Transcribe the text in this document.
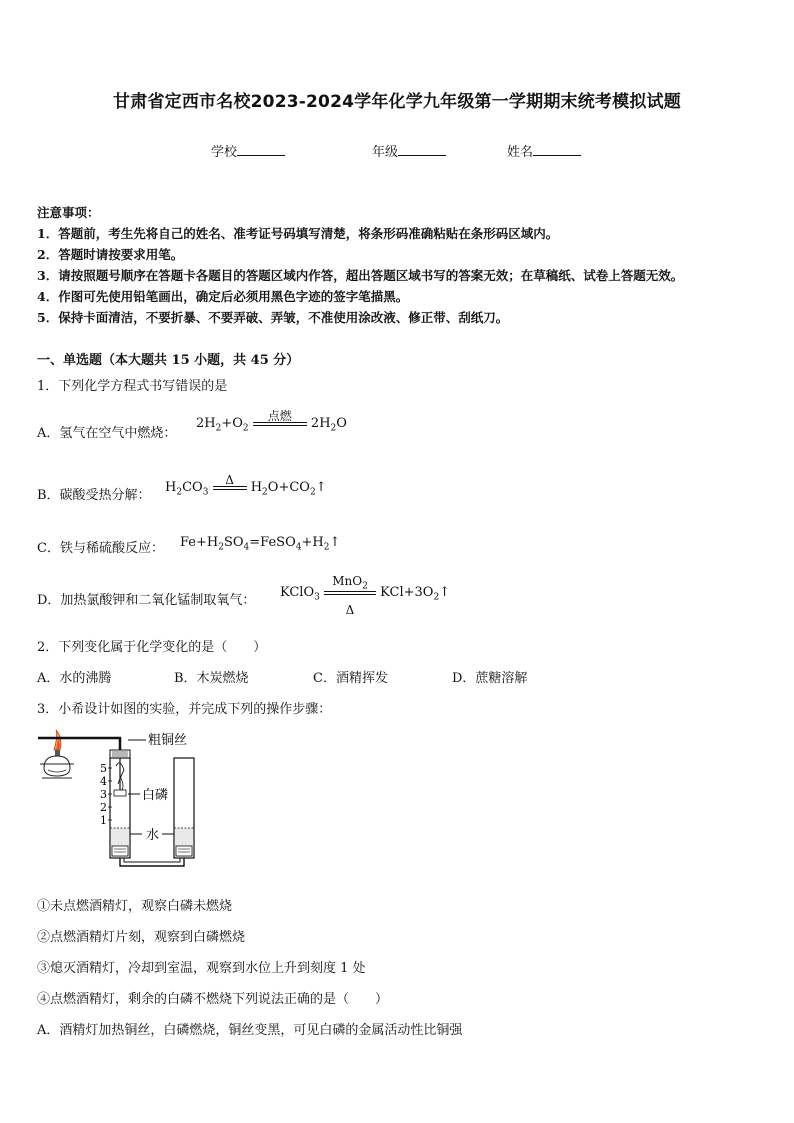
甘肃省定西市名校2023-2024学年化学九年级第一学期期末统考模拟试题
学校	年级	姓名
注意事项：
1．答题前，考生先将自己的姓名、准考证号码填写清楚，将条形码准确粘贴在条形码区域内。
2．答题时请按要求用笔。
3．请按照题号顺序在答题卡各题目的答题区域内作答，超出答题区域书写的答案无效；在草稿纸、试卷上答题无效。
4．作图可先使用铅笔画出，确定后必须用黑色字迹的签字笔描黑。
5．保持卡面清洁，不要折暴、不要弄破、弄皱，不准使用涂改液、修正带、刮纸刀。
一、单选题（本大题共 15 小题，共 45 分）
1．下列化学方程式书写错误的是
A．氢气在空气中燃烧：
$2H_2+O_2$
点燃
$2H_2O$
B．碳酸受热分解：
$H_2CO_3$
Δ
$H_2O+CO_2↑$
C．铁与稀硫酸反应： $Fe+H_2SO_4=FeSO_4+H_2↑$
D．加热氯酸钾和二氧化锰制取氧气：
KClO$_3$
MnO$_2$
Δ
$KCl+3O_2↑$
2．下列变化属于化学变化的是（　　）
A．水的沸腾	B．木炭燃烧	C．酒精挥发	D．蔗糖溶解
3．小希设计如图的实验，并完成下列的操作步骤：
粗铜丝
5
4
3
2
1
白磷
水
①未点燃酒精灯，观察白磷未燃烧
②点燃酒精灯片刻，观察到白磷燃烧
③熄灭酒精灯，冷却到室温，观察到水位上升到刻度 1 处
④点燃酒精灯，剩余的白磷不燃烧下列说法正确的是（　　）
A．酒精灯加热铜丝，白磷燃烧，铜丝变黑，可见白磷的金属活动性比铜强
